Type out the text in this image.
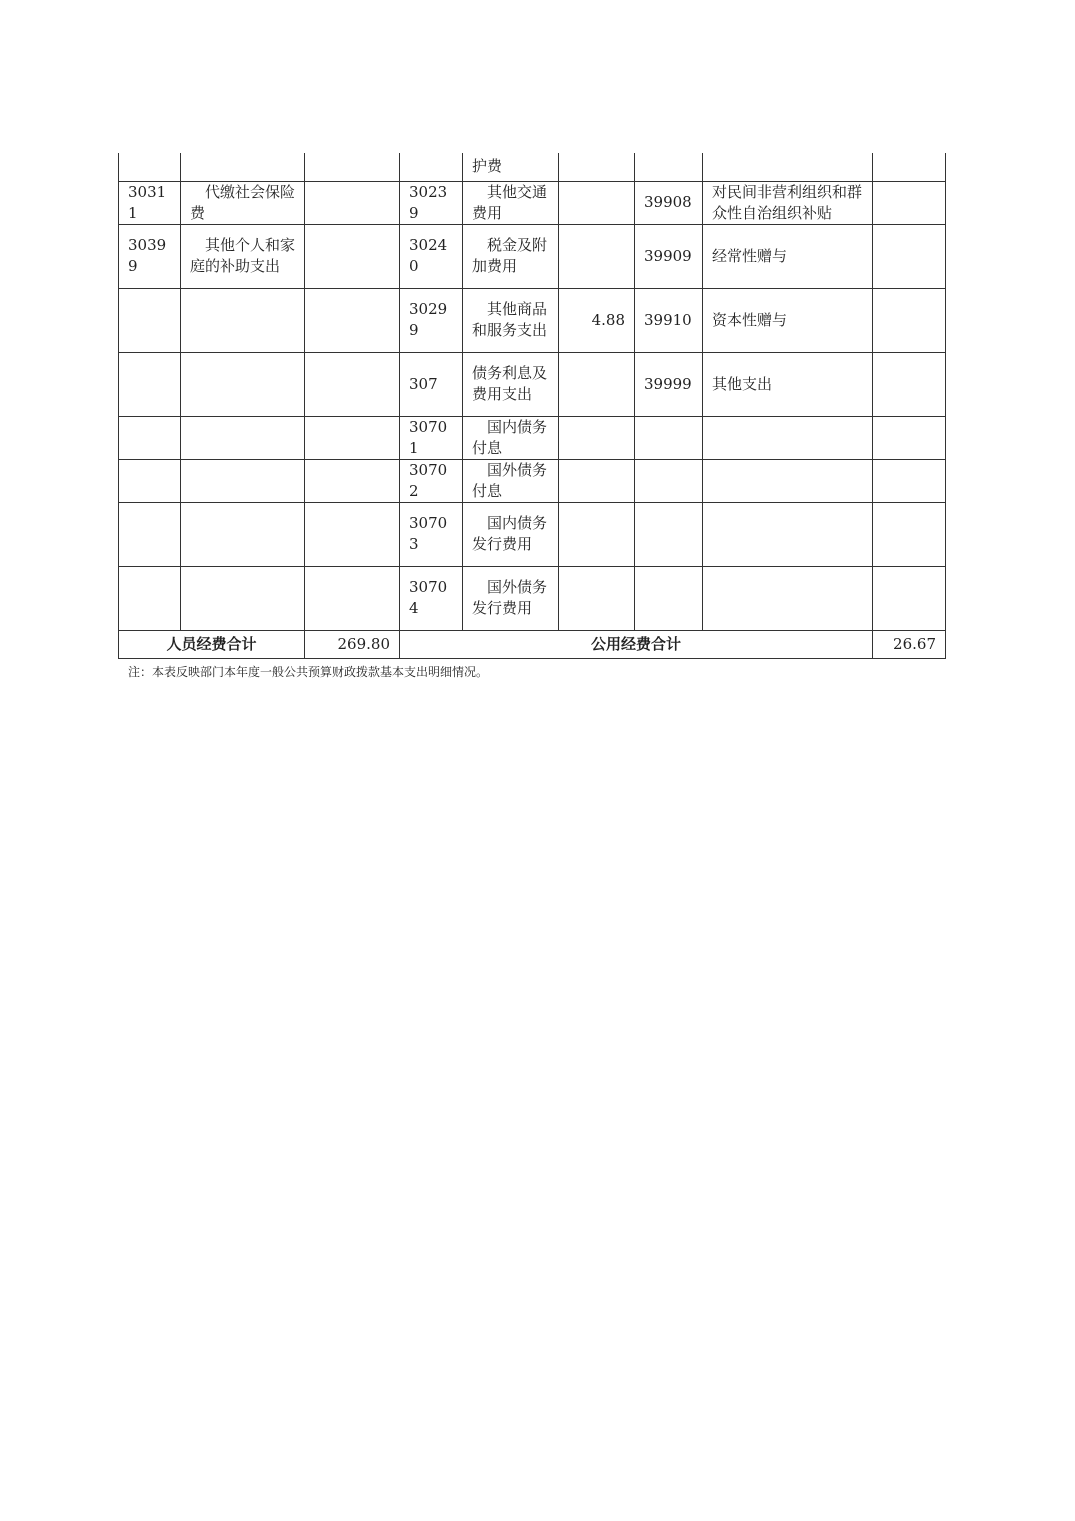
				护费				
30311	代缴社会保险费		30239	其他交通费用		39908	对民间非营利组织和群众性自治组织补贴	
30399	其他个人和家庭的补助支出		30240	税金及附加费用		39909	经常性赠与	
			30299	其他商品和服务支出	4.88	39910	资本性赠与	
			307	债务利息及费用支出		39999	其他支出	
			30701	国内债务付息				
			30702	国外债务付息				
			30703	国内债务发行费用				
			30704	国外债务发行费用				
人员经费合计		269.80	公用经费合计					26.67
注：本表反映部门本年度一般公共预算财政拨款基本支出明细情况。
